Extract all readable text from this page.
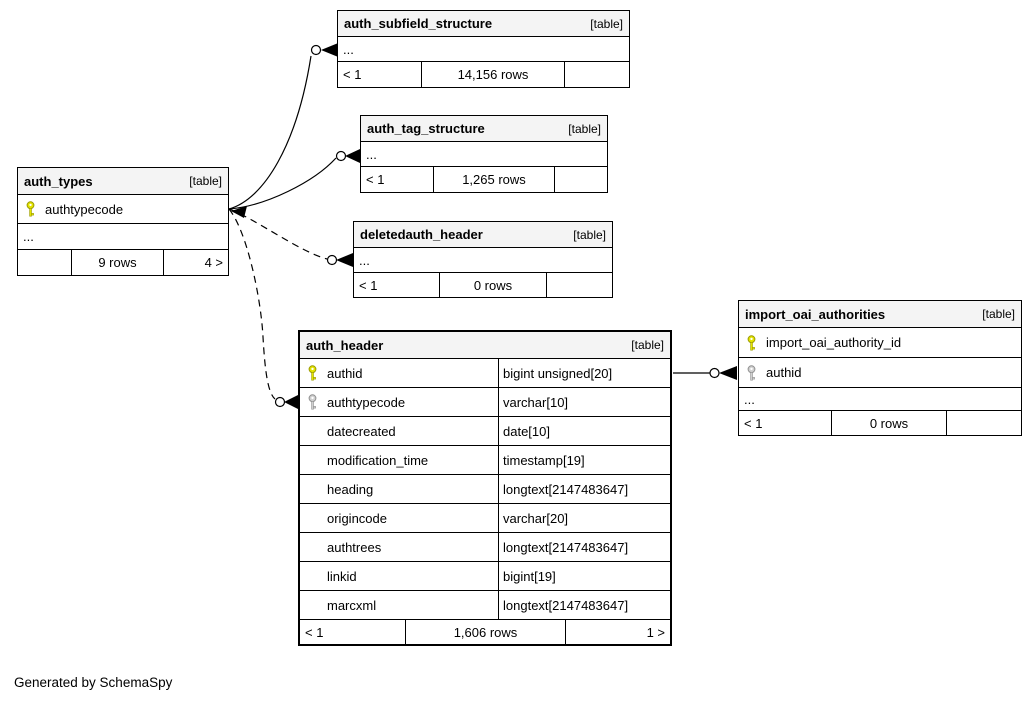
auth_subfield_structure	[table]
...
< 1	14,156 rows
auth_tag_structure	[table]
...
< 1	1,265 rows
deletedauth_header	[table]
...
< 1	0 rows
auth_types	[table]
authtypecode
...
9 rows	4 >
auth_header	[table]
authid	bigint unsigned[20]
authtypecode	varchar[10]
datecreated	date[10]
modification_time	timestamp[19]
heading	longtext[2147483647]
origincode	varchar[20]
authtrees	longtext[2147483647]
linkid	bigint[19]
marcxml	longtext[2147483647]
< 1	1,606 rows	1 >
import_oai_authorities	[table]
import_oai_authority_id
authid
...
< 1	0 rows
Generated by SchemaSpy
